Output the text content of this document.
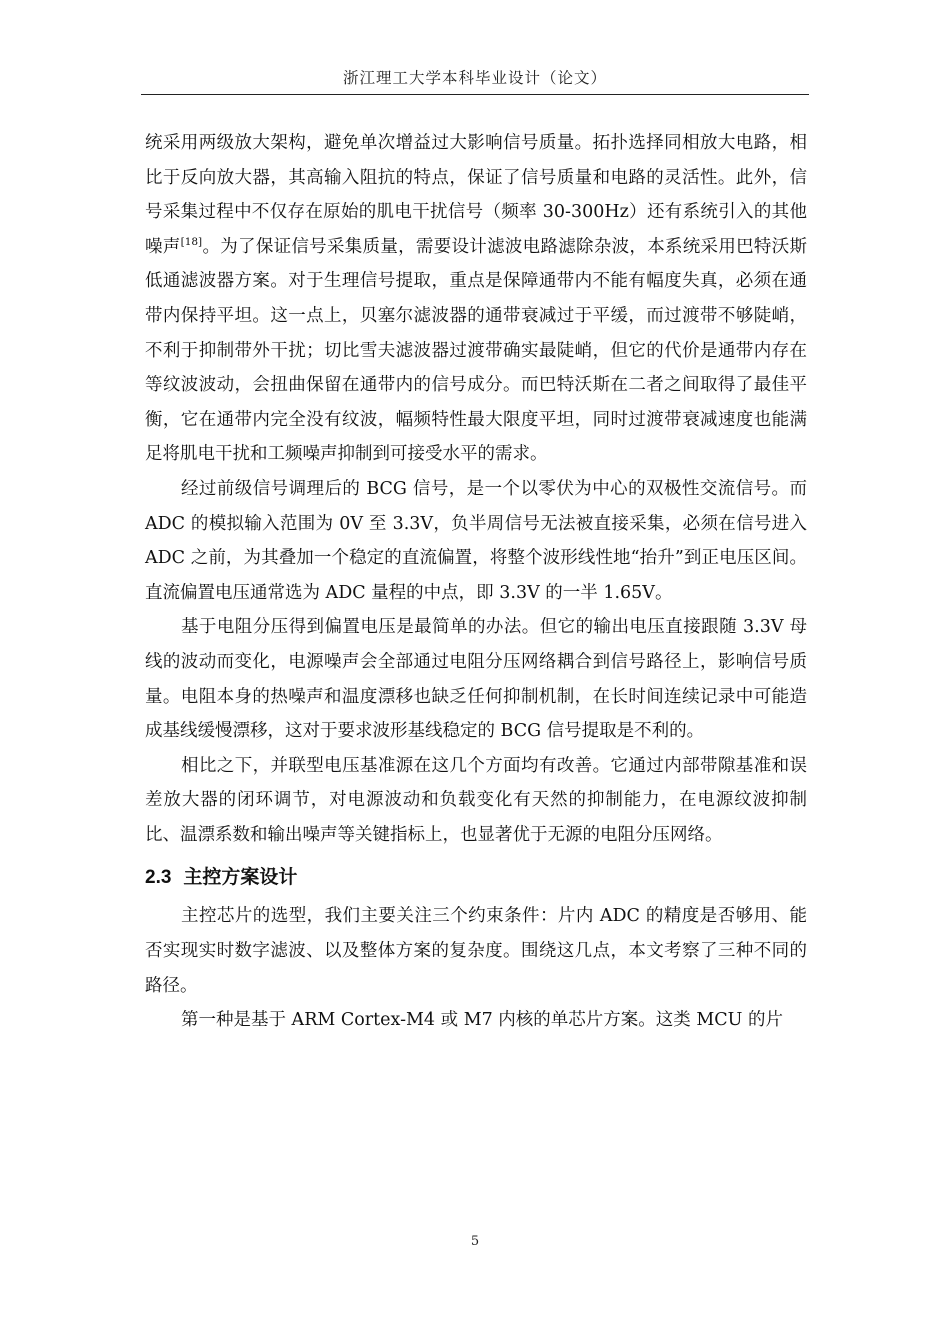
浙江理工大学本科毕业设计（论文）

统采用两级放大架构，避免单次增益过大影响信号质量。拓扑选择同相放大电路，相比于反向放大器，其高输入阻抗的特点，保证了信号质量和电路的灵活性。此外，信号采集过程中不仅存在原始的肌电干扰信号（频率 30-300Hz）还有系统引入的其他噪声[18]。为了保证信号采集质量，需要设计滤波电路滤除杂波，本系统采用巴特沃斯低通滤波器方案。对于生理信号提取，重点是保障通带内不能有幅度失真，必须在通带内保持平坦。这一点上，贝塞尔滤波器的通带衰减过于平缓，而过渡带不够陡峭，不利于抑制带外干扰；切比雪夫滤波器过渡带确实最陡峭，但它的代价是通带内存在等纹波波动，会扭曲保留在通带内的信号成分。而巴特沃斯在二者之间取得了最佳平衡，它在通带内完全没有纹波，幅频特性最大限度平坦，同时过渡带衰减速度也能满足将肌电干扰和工频噪声抑制到可接受水平的需求。

经过前级信号调理后的 BCG 信号，是一个以零伏为中心的双极性交流信号。而 ADC 的模拟输入范围为 0V 至 3.3V，负半周信号无法被直接采集，必须在信号进入 ADC 之前，为其叠加一个稳定的直流偏置，将整个波形线性地“抬升”到正电压区间。直流偏置电压通常选为 ADC 量程的中点，即 3.3V 的一半 1.65V。

基于电阻分压得到偏置电压是最简单的办法。但它的输出电压直接跟随 3.3V 母线的波动而变化，电源噪声会全部通过电阻分压网络耦合到信号路径上，影响信号质量。电阻本身的热噪声和温度漂移也缺乏任何抑制机制，在长时间连续记录中可能造成基线缓慢漂移，这对于要求波形基线稳定的 BCG 信号提取是不利的。

相比之下，并联型电压基准源在这几个方面均有改善。它通过内部带隙基准和误差放大器的闭环调节，对电源波动和负载变化有天然的抑制能力，在电源纹波抑制比、温漂系数和输出噪声等关键指标上，也显著优于无源的电阻分压网络。

2.3 主控方案设计

主控芯片的选型，我们主要关注三个约束条件：片内 ADC 的精度是否够用、能否实现实时数字滤波、以及整体方案的复杂度。围绕这几点，本文考察了三种不同的路径。

第一种是基于 ARM Cortex-M4 或 M7 内核的单芯片方案。这类 MCU 的片

5
